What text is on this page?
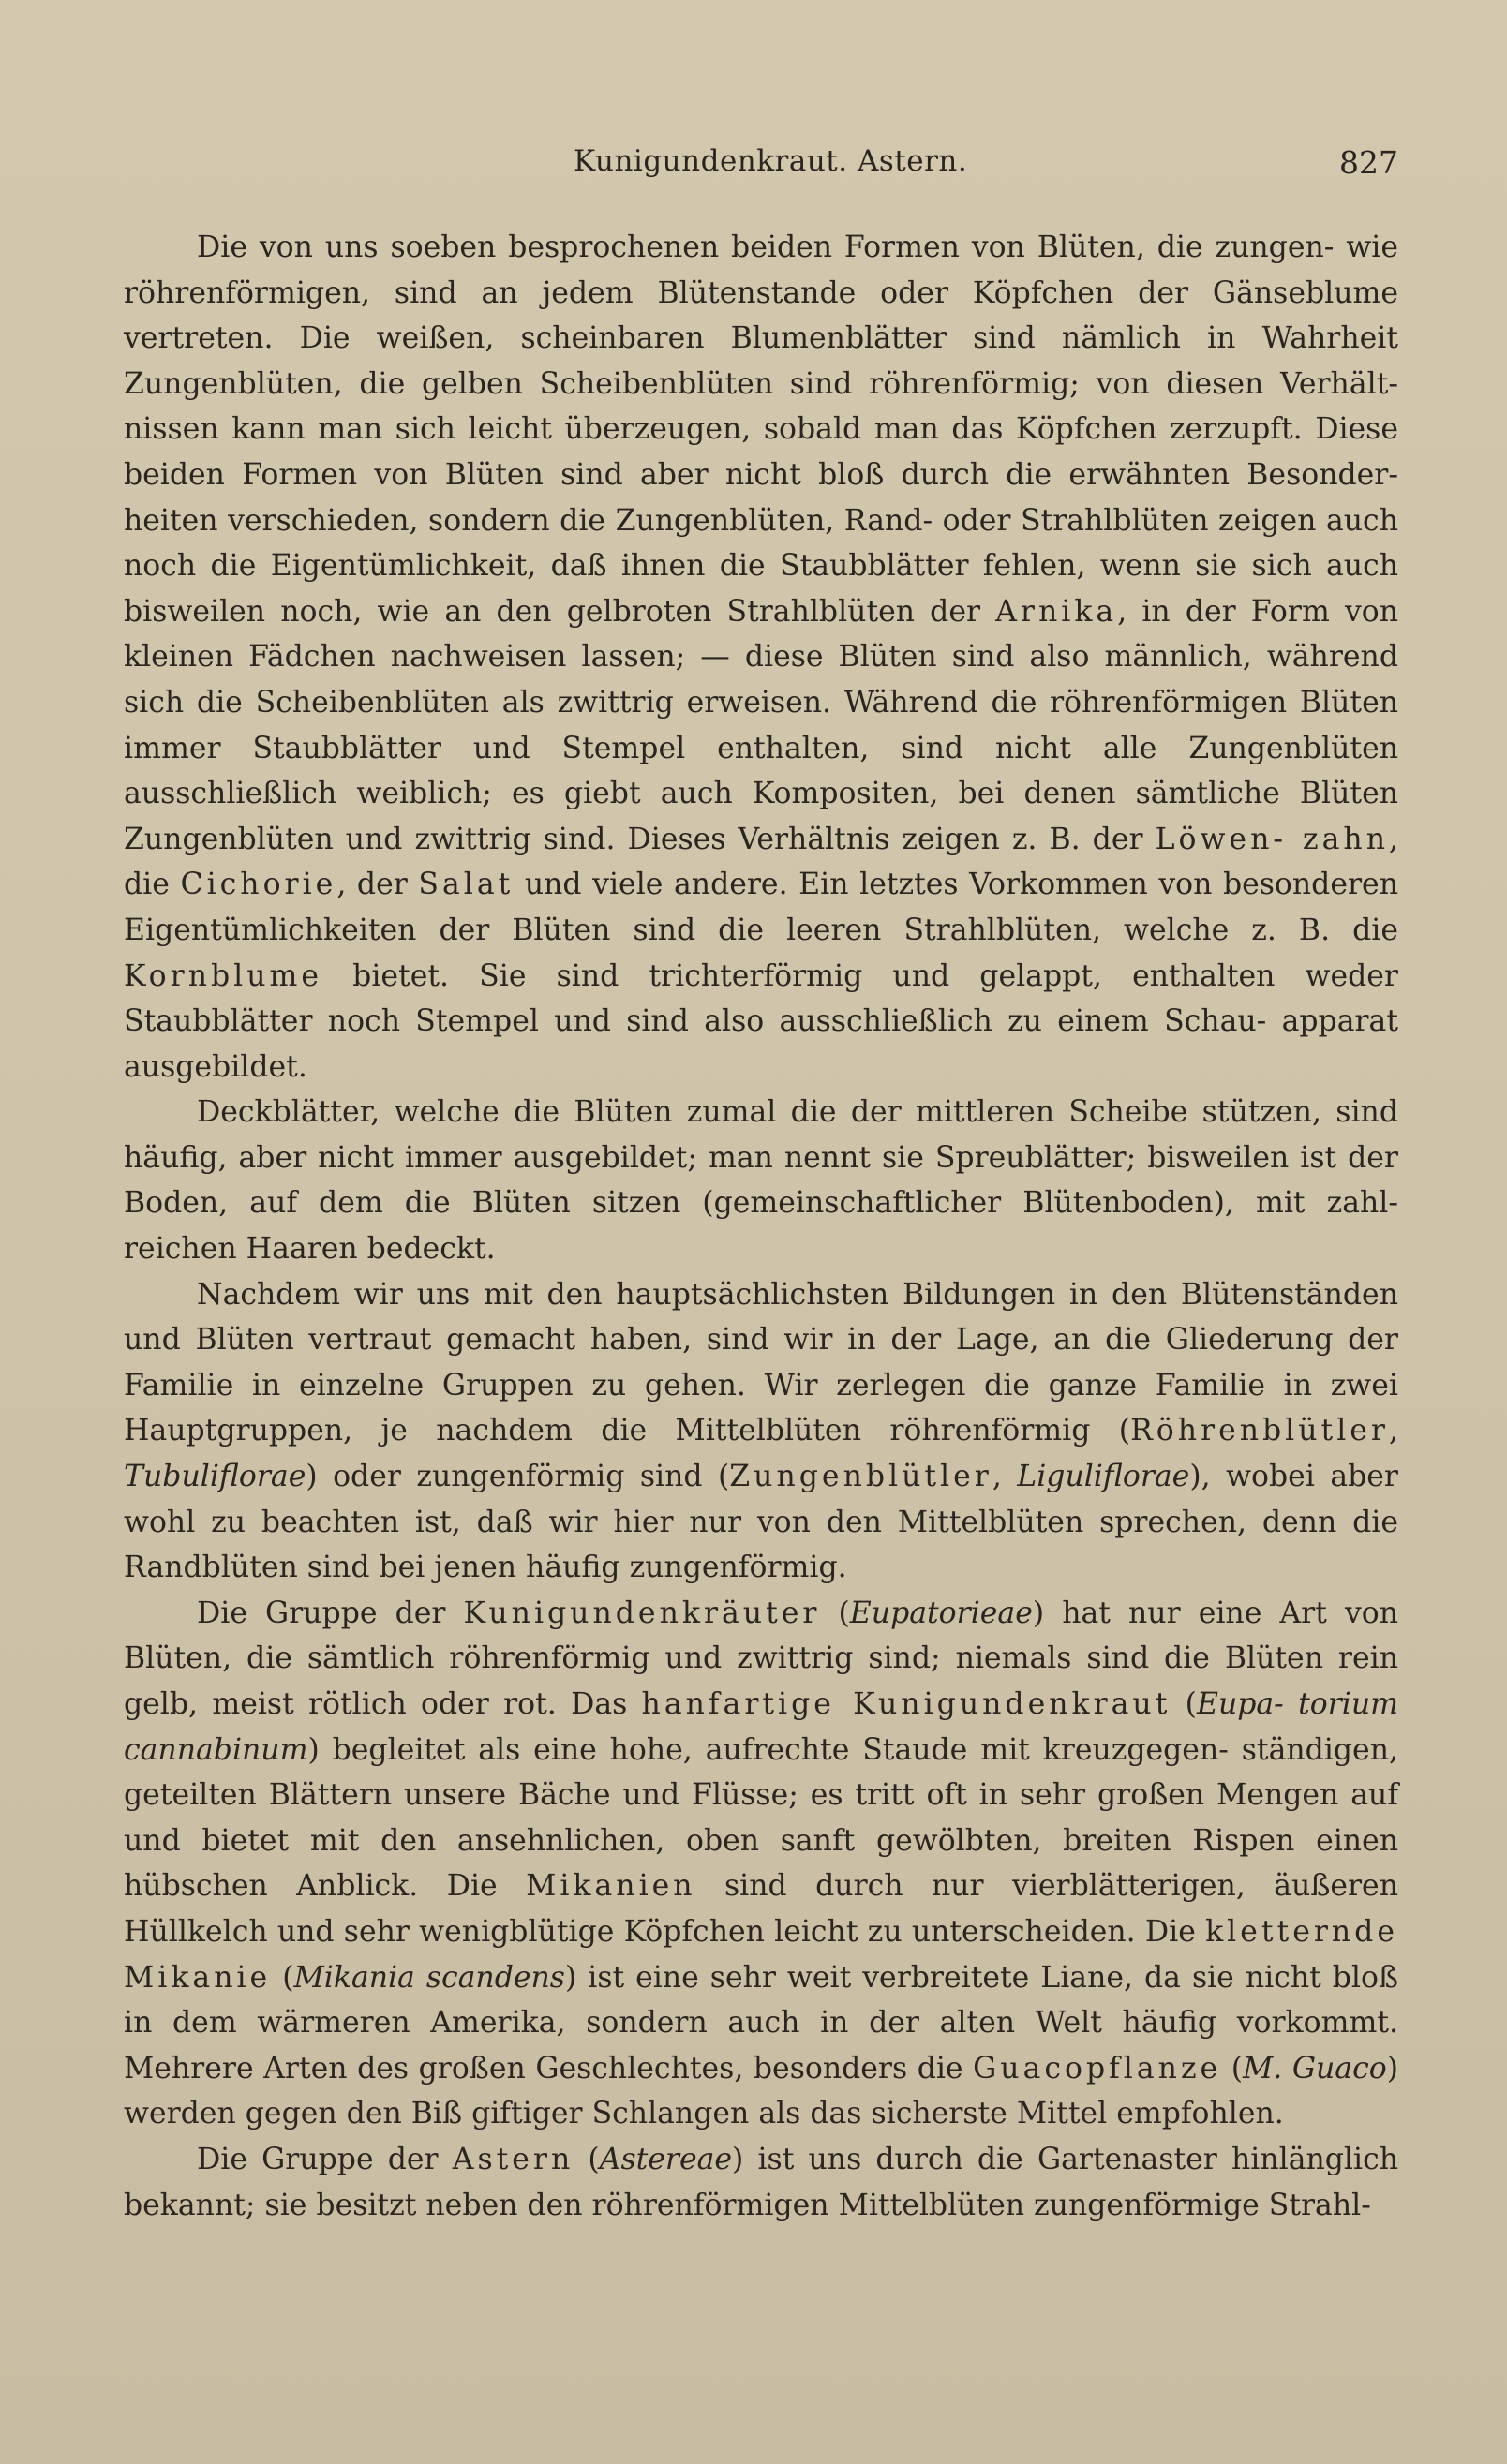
Kunigundenkraut. Astern.	827

Die von uns soeben besprochenen beiden Formen von Blüten, die zungen- wie röhrenförmigen, sind an jedem Blütenstande oder Köpfchen der Gänseblume vertreten. Die weißen, scheinbaren Blumenblätter sind nämlich in Wahrheit Zungenblüten, die gelben Scheibenblüten sind röhrenförmig; von diesen Verhält- nissen kann man sich leicht überzeugen, sobald man das Köpfchen zerzupft. Diese beiden Formen von Blüten sind aber nicht bloß durch die erwähnten Besonder- heiten verschieden, sondern die Zungenblüten, Rand- oder Strahlblüten zeigen auch noch die Eigentümlichkeit, daß ihnen die Staubblätter fehlen, wenn sie sich auch bisweilen noch, wie an den gelbroten Strahlblüten der Arnika, in der Form von kleinen Fädchen nachweisen lassen; — diese Blüten sind also männlich, während sich die Scheibenblüten als zwittrig erweisen. Während die röhrenförmigen Blüten immer Staubblätter und Stempel enthalten, sind nicht alle Zungenblüten ausschließlich weiblich; es giebt auch Kompositen, bei denen sämtliche Blüten Zungenblüten und zwittrig sind. Dieses Verhältnis zeigen z. B. der Löwen- zahn, die Cichorie, der Salat und viele andere. Ein letztes Vorkommen von besonderen Eigentümlichkeiten der Blüten sind die leeren Strahlblüten, welche z. B. die Kornblume bietet. Sie sind trichterförmig und gelappt, enthalten weder Staubblätter noch Stempel und sind also ausschließlich zu einem Schau- apparat ausgebildet.

Deckblätter, welche die Blüten zumal die der mittleren Scheibe stützen, sind häufig, aber nicht immer ausgebildet; man nennt sie Spreublätter; bisweilen ist der Boden, auf dem die Blüten sitzen (gemeinschaftlicher Blütenboden), mit zahl- reichen Haaren bedeckt.

Nachdem wir uns mit den hauptsächlichsten Bildungen in den Blütenständen und Blüten vertraut gemacht haben, sind wir in der Lage, an die Gliederung der Familie in einzelne Gruppen zu gehen. Wir zerlegen die ganze Familie in zwei Hauptgruppen, je nachdem die Mittelblüten röhrenförmig (Röhrenblütler, Tubuliflorae) oder zungenförmig sind (Zungenblütler, Liguliflorae), wobei aber wohl zu beachten ist, daß wir hier nur von den Mittelblüten sprechen, denn die Randblüten sind bei jenen häufig zungenförmig.

Die Gruppe der Kunigundenkräuter (Eupatorieae) hat nur eine Art von Blüten, die sämtlich röhrenförmig und zwittrig sind; niemals sind die Blüten rein gelb, meist rötlich oder rot. Das hanfartige Kunigundenkraut (Eupa- torium cannabinum) begleitet als eine hohe, aufrechte Staude mit kreuzgegen- ständigen, geteilten Blättern unsere Bäche und Flüsse; es tritt oft in sehr großen Mengen auf und bietet mit den ansehnlichen, oben sanft gewölbten, breiten Rispen einen hübschen Anblick. Die Mikanien sind durch nur vierblätterigen, äußeren Hüllkelch und sehr wenigblütige Köpfchen leicht zu unterscheiden. Die kletternde Mikanie (Mikania scandens) ist eine sehr weit verbreitete Liane, da sie nicht bloß in dem wärmeren Amerika, sondern auch in der alten Welt häufig vorkommt. Mehrere Arten des großen Geschlechtes, besonders die Guacopflanze (M. Guaco) werden gegen den Biß giftiger Schlangen als das sicherste Mittel empfohlen.

Die Gruppe der Astern (Astereae) ist uns durch die Gartenaster hinlänglich bekannt; sie besitzt neben den röhrenförmigen Mittelblüten zungenförmige Strahl-
